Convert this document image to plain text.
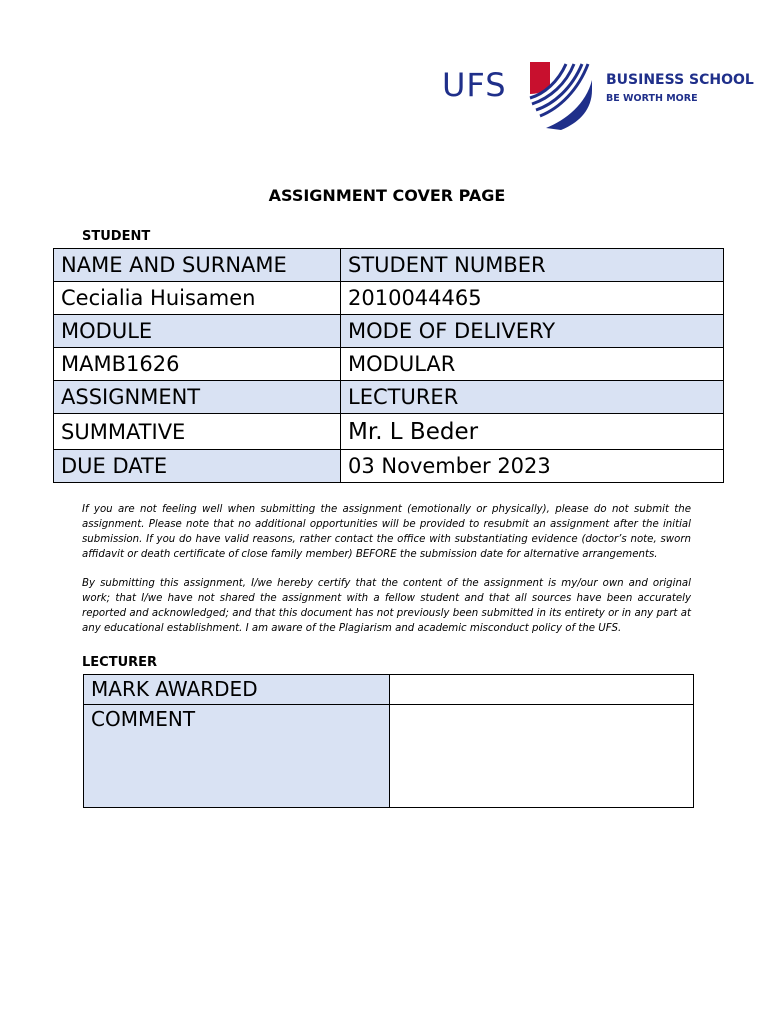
UFS	BUSINESS SCHOOL
BE WORTH MORE
ASSIGNMENT COVER PAGE
STUDENT
NAME AND SURNAME	STUDENT NUMBER
Cecialia Huisamen	2010044465
MODULE	MODE OF DELIVERY
MAMB1626	MODULAR
ASSIGNMENT	LECTURER
SUMMATIVE	Mr. L Beder
DUE DATE	03 November 2023

If you are not feeling well when submitting the assignment (emotionally or physically), please do not submit the assignment. Please note that no additional opportunities will be provided to resubmit an assignment after the initial submission. If you do have valid reasons, rather contact the office with substantiating evidence (doctor’s note, sworn affidavit or death certificate of close family member) BEFORE the submission date for alternative arrangements.

By submitting this assignment, I/we hereby certify that the content of the assignment is my/our own and original work; that I/we have not shared the assignment with a fellow student and that all sources have been accurately reported and acknowledged; and that this document has not previously been submitted in its entirety or in any part at any educational establishment. I am aware of the Plagiarism and academic misconduct policy of the UFS.

LECTURER
MARK AWARDED	
COMMENT	
